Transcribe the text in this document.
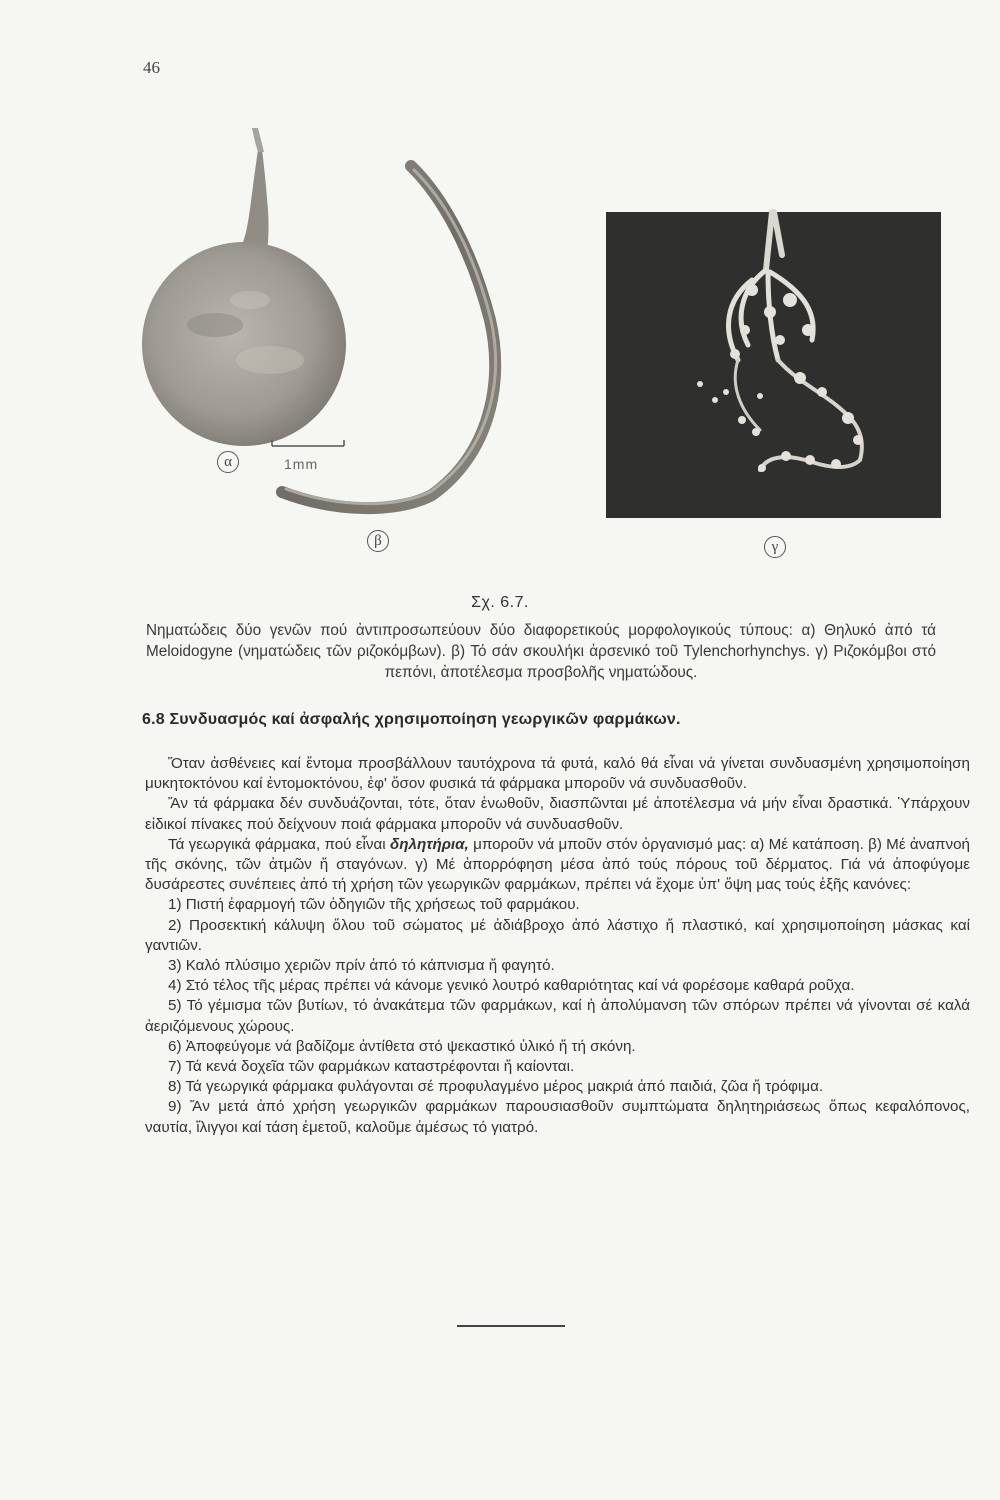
46
α	1mm
β	γ
Σχ. 6.7.
Νηματώδεις δύο γενῶν πού ἀντιπροσωπεύουν δύο διαφορετικούς μορφολογικούς τύπους: α) Θηλυκό ἀπό τά Meloidogyne (νηματώδεις τῶν ριζοκόμβων). β) Τό σάν σκουλήκι ἀρσενικό τοῦ Tylenchorhynchys. γ) Ριζοκόμβοι στό πεπόνι, ἀποτέλεσμα προσβολῆς νηματώδους.
6.8 Συνδυασμός καί ἀσφαλής χρησιμοποίηση γεωργικῶν φαρμάκων.

Ὅταν ἀσθένειες καί ἔντομα προσβάλλουν ταυτόχρονα τά φυτά, καλό θά εἶναι νά γίνεται συνδυασμένη χρησιμοποίηση μυκητοκτόνου καί ἐντομοκτόνου, ἐφ' ὅσον φυσικά τά φάρμακα μποροῦν νά συνδυασθοῦν.

Ἄν τά φάρμακα δέν συνδυάζονται, τότε, ὅταν ἑνωθοῦν, διασπῶνται μέ ἀποτέλεσμα νά μήν εἶναι δραστικά. Ὑπάρχουν εἰδικοί πίνακες πού δείχνουν ποιά φάρμακα μποροῦν νά συνδυασθοῦν.

Τά γεωργικά φάρμακα, πού εἶναι δηλητήρια, μποροῦν νά μποῦν στόν ὀργανισμό μας: α) Μέ κατάποση. β) Μέ ἀναπνοή τῆς σκόνης, τῶν ἀτμῶν ἤ σταγόνων. γ) Μέ ἀπορρόφηση μέσα ἀπό τούς πόρους τοῦ δέρματος. Γιά νά ἀποφύγομε δυσάρεστες συνέπειες ἀπό τή χρήση τῶν γεωργικῶν φαρμάκων, πρέπει νά ἔχομε ὑπ' ὄψη μας τούς ἑξῆς κανόνες:

1) Πιστή ἐφαρμογή τῶν ὁδηγιῶν τῆς χρήσεως τοῦ φαρμάκου.

2) Προσεκτική κάλυψη ὅλου τοῦ σώματος μέ ἀδιάβροχο ἀπό λάστιχο ἤ πλαστικό, καί χρησιμοποίηση μάσκας καί γαντιῶν.

3) Καλό πλύσιμο χεριῶν πρίν ἀπό τό κάπνισμα ἤ φαγητό.

4) Στό τέλος τῆς μέρας πρέπει νά κάνομε γενικό λουτρό καθαριότητας καί νά φορέσομε καθαρά ροῦχα.

5) Τό γέμισμα τῶν βυτίων, τό ἀνακάτεμα τῶν φαρμάκων, καί ἡ ἀπολύμανση τῶν σπόρων πρέπει νά γίνονται σέ καλά ἀεριζόμενους χώρους.

6) Ἀποφεύγομε νά βαδίζομε ἀντίθετα στό ψεκαστικό ὑλικό ἤ τή σκόνη.

7) Τά κενά δοχεῖα τῶν φαρμάκων καταστρέφονται ἤ καίονται.

8) Τά γεωργικά φάρμακα φυλάγονται σέ προφυλαγμένο μέρος μακριά ἀπό παιδιά, ζῶα ἤ τρόφιμα.

9) Ἄν μετά ἀπό χρήση γεωργικῶν φαρμάκων παρουσιασθοῦν συμπτώματα δηλητηριάσεως ὅπως κεφαλόπονος, ναυτία, ἴλιγγοι καί τάση ἐμετοῦ, καλοῦμε ἀμέσως τό γιατρό.
